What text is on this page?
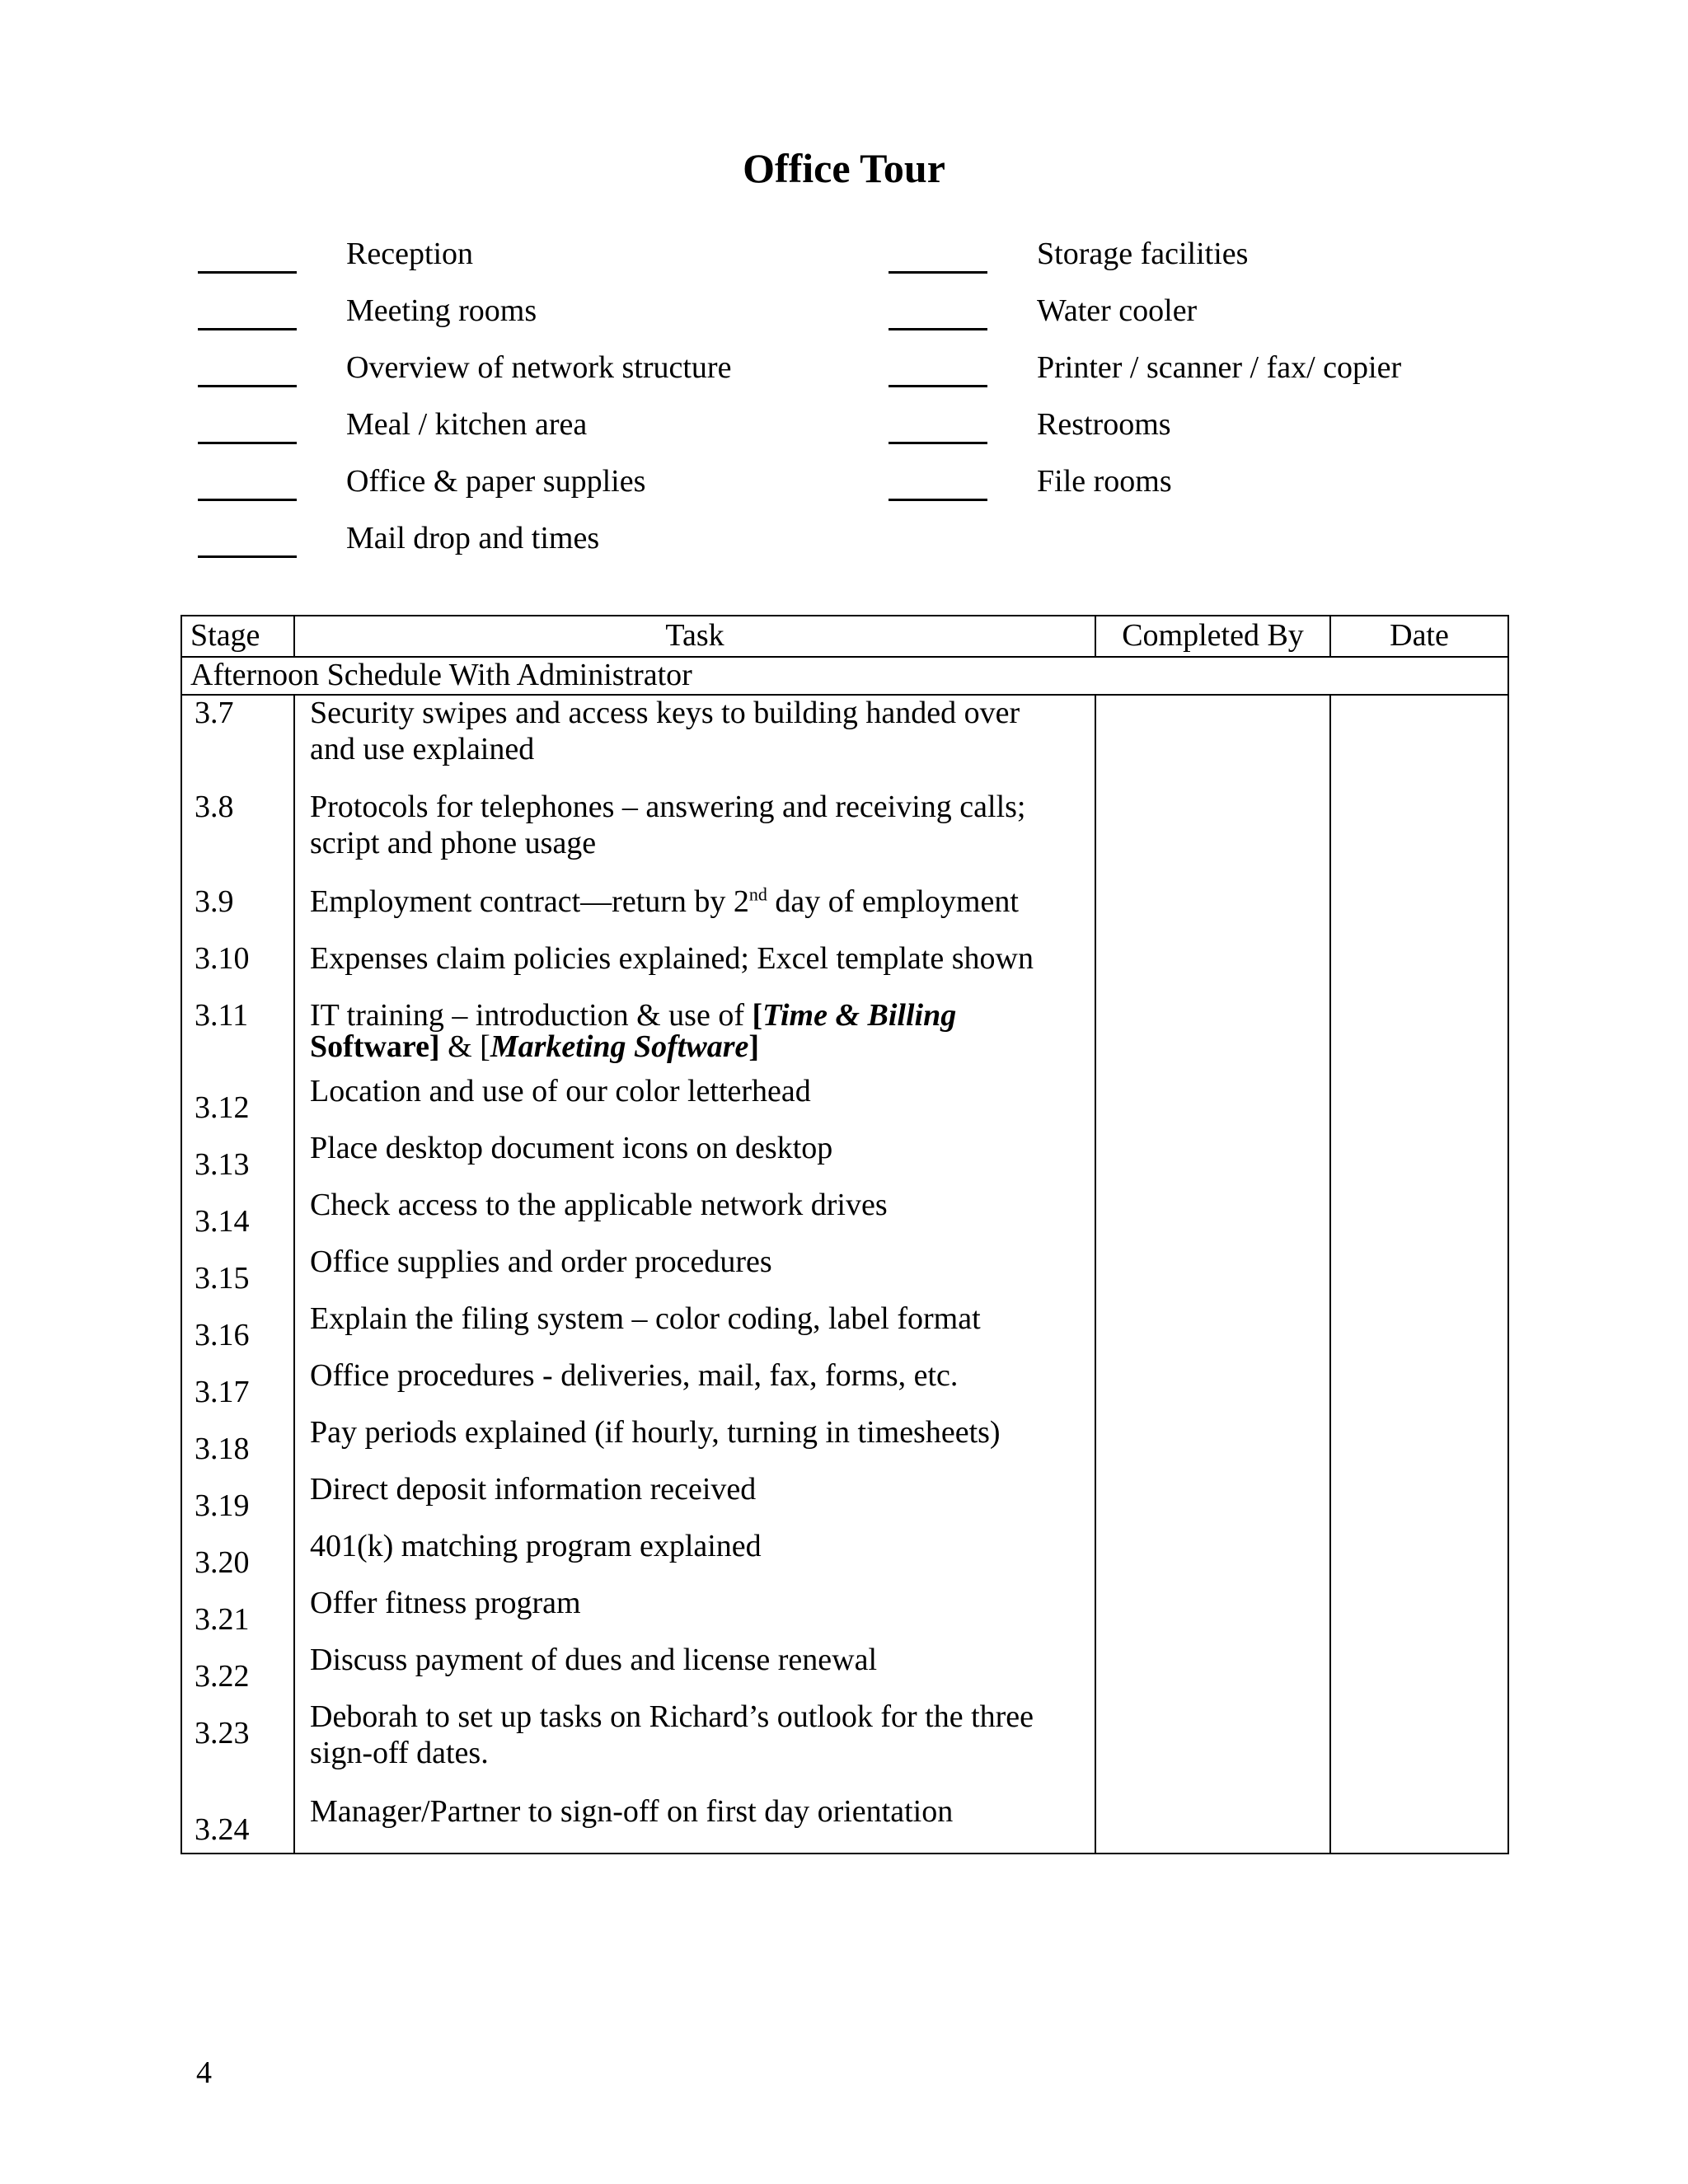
Office Tour
Reception
Meeting rooms
Overview of network structure
Meal / kitchen area
Office & paper supplies
Mail drop and times
Storage facilities
Water cooler
Printer / scanner / fax/ copier
Restrooms
File rooms
Stage	Task	Completed By	Date
Afternoon Schedule With Administrator			

3.7	Security swipes and access keys to building handed over
and use explained		

3.8	Protocols for telephones – answering and receiving calls;
script and phone usage		

3.9	Employment contract—return by 2nd day of employment		

3.10	Expenses claim policies explained; Excel template shown		

3.11	IT training – introduction & use of [Time & Billing
Software] & [Marketing Software]		

3.12	Location and use of our color letterhead		

3.13	Place desktop document icons on desktop		

3.14	Check access to the applicable network drives		

3.15	Office supplies and order procedures		

3.16	Explain the filing system – color coding, label format		

3.17	Office procedures - deliveries, mail, fax, forms, etc.		

3.18	Pay periods explained (if hourly, turning in timesheets)		

3.19	Direct deposit information received		

3.20	401(k) matching program explained		

3.21	Offer fitness program		

3.22	Discuss payment of dues and license renewal		

3.23	Deborah to set up tasks on Richard’s outlook for the three
sign-off dates.		

3.24	Manager/Partner to sign-off on first day orientation		

4
